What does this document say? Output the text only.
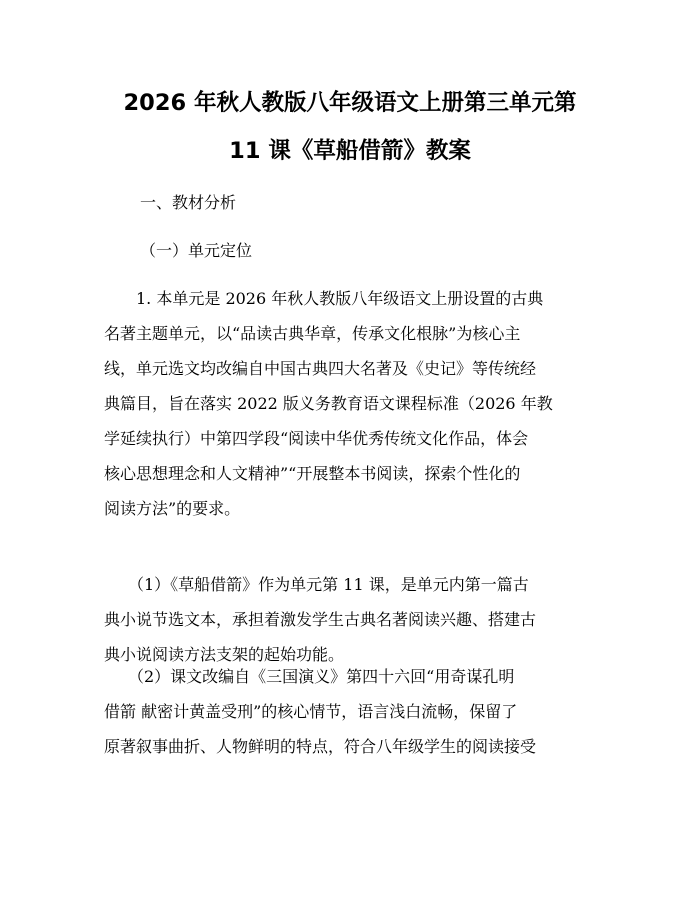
2026 年秋人教版八年级语文上册第三单元第
11 课《草船借箭》教案

一、教材分析

（一）单元定位

　　1. 本单元是 2026 年秋人教版八年级语文上册设置的古典
名著主题单元，以“品读古典华章，传承文化根脉”为核心主
线，单元选文均改编自中国古典四大名著及《史记》等传统经
典篇目，旨在落实 2022 版义务教育语文课程标准（2026 年教
学延续执行）中第四学段“阅读中华优秀传统文化作品，体会
核心思想理念和人文精神”“开展整本书阅读，探索个性化的
阅读方法”的要求。
　　（1）《草船借箭》作为单元第 11 课，是单元内第一篇古
典小说节选文本，承担着激发学生古典名著阅读兴趣、搭建古
典小说阅读方法支架的起始功能。
　　（2）课文改编自《三国演义》第四十六回“用奇谋孔明
借箭 献密计黄盖受刑”的核心情节，语言浅白流畅，保留了
原著叙事曲折、人物鲜明的特点，符合八年级学生的阅读接受
